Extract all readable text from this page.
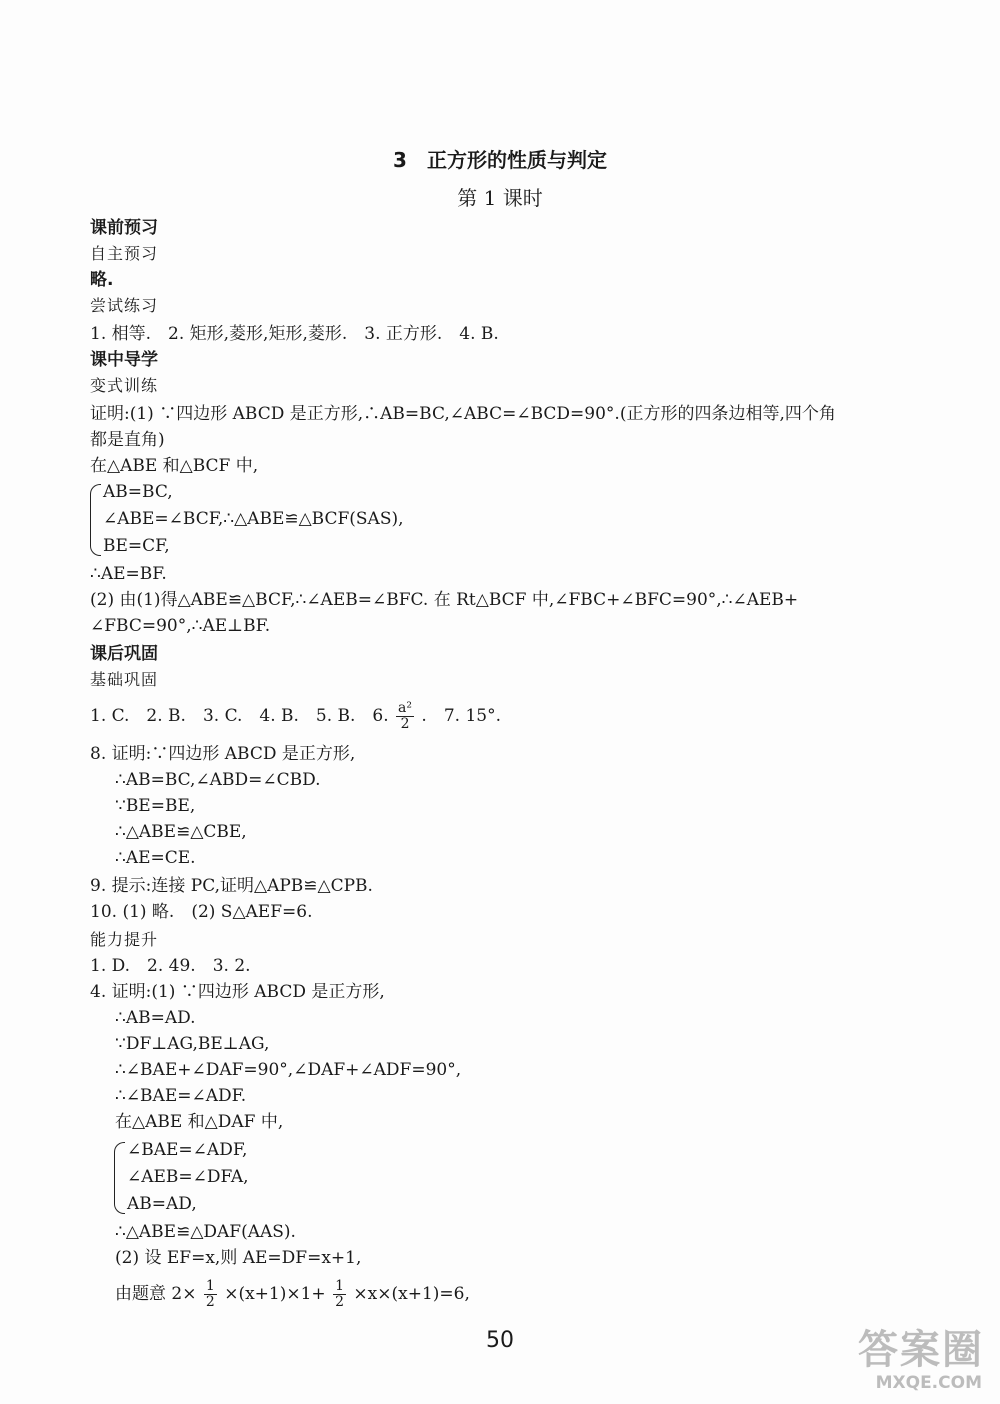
3　正方形的性质与判定
第 1 课时
课前预习
自主预习
略.
尝试练习
1. 相等.　2. 矩形,菱形,矩形,菱形.　3. 正方形.　4. B.
课中导学
变式训练
证明:(1) ∵四边形 ABCD 是正方形,∴AB=BC,∠ABC=∠BCD=90°.(正方形的四条边相等,四个角
都是直角)
在△ABE 和△BCF 中,
AB=BC,
∠ABE=∠BCF,∴△ABE≌△BCF(SAS),
BE=CF,
∴AE=BF.
(2) 由(1)得△ABE≌△BCF,∴∠AEB=∠BFC. 在 Rt△BCF 中,∠FBC+∠BFC=90°,∴∠AEB+
∠FBC=90°,∴AE⊥BF.
课后巩固
基础巩固
1. C.　2. B.　3. C.　4. B.　5. B.　6. $\frac{\text{a²}}{2}$ .　7. 15°.
8. 证明:∵四边形 ABCD 是正方形,
∴AB=BC,∠ABD=∠CBD.
∵BE=BE,
∴△ABE≌△CBE,
∴AE=CE.
9. 提示:连接 PC,证明△APB≌△CPB.
10. (1) 略.　(2) S△AEF=6.
能力提升
1. D.　2. 49.　3. 2.
4. 证明:(1) ∵四边形 ABCD 是正方形,
∴AB=AD.
∵DF⊥AG,BE⊥AG,
∴∠BAE+∠DAF=90°,∠DAF+∠ADF=90°,
∴∠BAE=∠ADF.
在△ABE 和△DAF 中,
∠BAE=∠ADF,
∠AEB=∠DFA,
AB=AD,
∴△ABE≌△DAF(AAS).
(2) 设 EF=x,则 AE=DF=x+1,
由题意 $2\times \frac{1}{2} \times(x+1)\times 1+ \frac{1}{2} \times x\times(x+1)=6$,
50	答案圈
MXQE.COM
